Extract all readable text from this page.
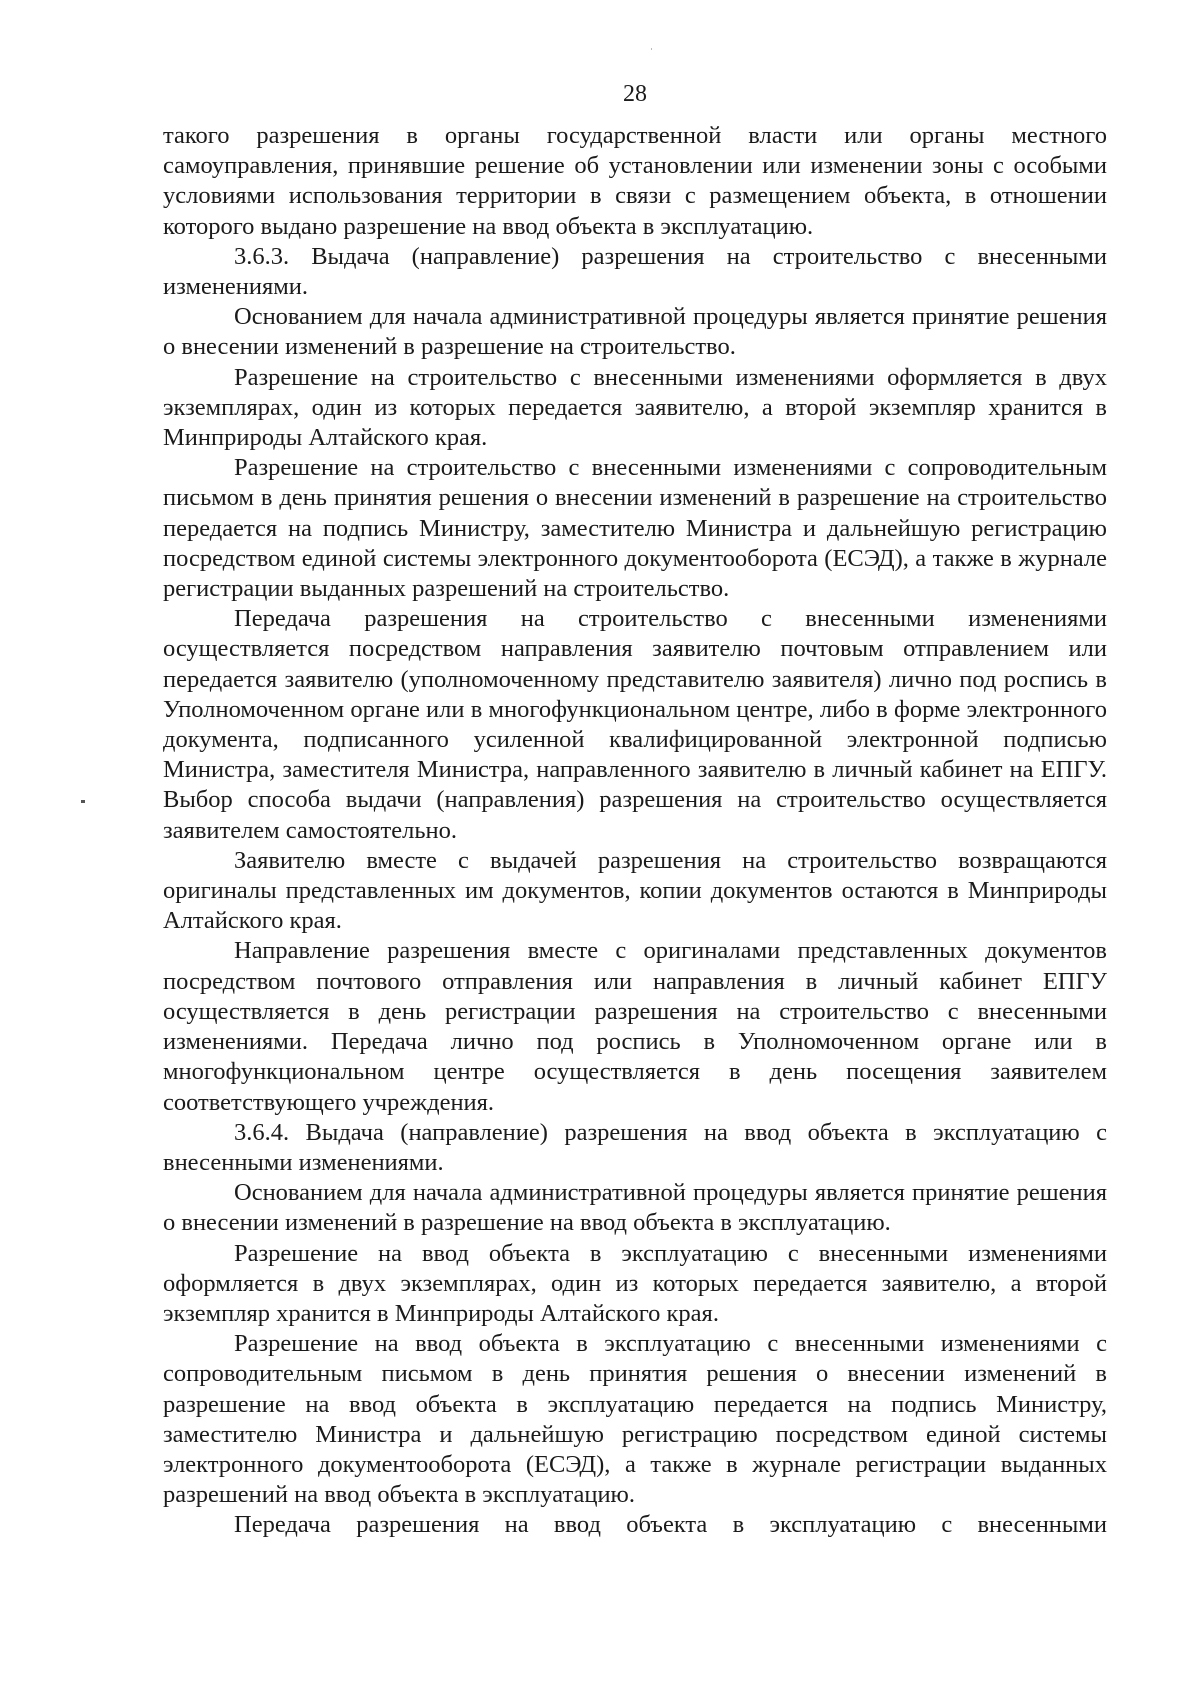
28

такого разрешения в органы государственной власти или органы местного самоуправления, принявшие решение об установлении или изменении зоны с особыми условиями использования территории в связи с размещением объекта, в отношении которого выдано разрешение на ввод объекта в эксплуатацию.

3.6.3. Выдача (направление) разрешения на строительство с внесенными изменениями.

Основанием для начала административной процедуры является принятие решения о внесении изменений в разрешение на строительство.

Разрешение на строительство с внесенными изменениями оформляется в двух экземплярах, один из которых передается заявителю, а второй экземпляр хранится в Минприроды Алтайского края.

Разрешение на строительство с внесенными изменениями с сопроводительным письмом в день принятия решения о внесении изменений в разрешение на строительство передается на подпись Министру, заместителю Министра и дальнейшую регистрацию посредством единой системы электронного документооборота (ЕСЭД), а также в журнале регистрации выданных разрешений на строительство.

Передача разрешения на строительство с внесенными изменениями осуществляется посредством направления заявителю почтовым отправлением или передается заявителю (уполномоченному представителю заявителя) лично под роспись в Уполномоченном органе или в многофункциональном центре, либо в форме электронного документа, подписанного усиленной квалифицированной электронной подписью Министра, заместителя Министра, направленного заявителю в личный кабинет на ЕПГУ. Выбор способа выдачи (направления) разрешения на строительство осуществляется заявителем самостоятельно.

Заявителю вместе с выдачей разрешения на строительство возвращаются оригиналы представленных им документов, копии документов остаются в Минприроды Алтайского края.

Направление разрешения вместе с оригиналами представленных документов посредством почтового отправления или направления в личный кабинет ЕПГУ осуществляется в день регистрации разрешения на строительство с внесенными изменениями. Передача лично под роспись в Уполномоченном органе или в многофункциональном центре осуществляется в день посещения заявителем соответствующего учреждения.

3.6.4. Выдача (направление) разрешения на ввод объекта в эксплуатацию с внесенными изменениями.

Основанием для начала административной процедуры является принятие решения о внесении изменений в разрешение на ввод объекта в эксплуатацию.

Разрешение на ввод объекта в эксплуатацию с внесенными изменениями оформляется в двух экземплярах, один из которых передается заявителю, а второй экземпляр хранится в Минприроды Алтайского края.

Разрешение на ввод объекта в эксплуатацию с внесенными изменениями с сопроводительным письмом в день принятия решения о внесении изменений в разрешение на ввод объекта в эксплуатацию передается на подпись Министру, заместителю Министра и дальнейшую регистрацию посредством единой системы электронного документооборота (ЕСЭД), а также в журнале регистрации выданных разрешений на ввод объекта в эксплуатацию.

Передача разрешения на ввод объекта в эксплуатацию с внесенными
